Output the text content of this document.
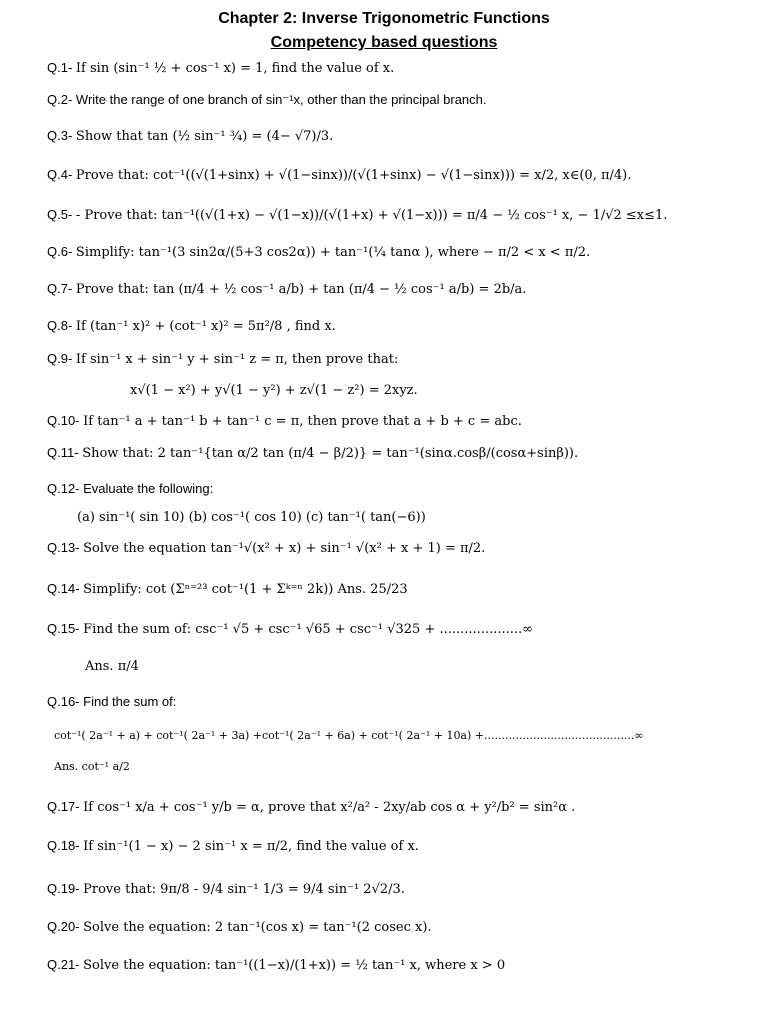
Chapter 2: Inverse Trigonometric Functions
Competency based questions
Q.1- If sin (sin⁻¹ ½ + cos⁻¹ x) = 1, find the value of x.
Q.2- Write the range of one branch of sin⁻¹x, other than the principal branch.
Q.3- Show that tan (½ sin⁻¹ ¾) = (4− √7)/3.
Q.4- Prove that: cot⁻¹((√(1+sinx) + √(1−sinx))/(√(1+sinx) − √(1−sinx))) = x/2, x∈(0, π/4).
Q.5- - Prove that: tan⁻¹((√(1+x) − √(1−x))/(√(1+x) + √(1−x))) = π/4 − ½ cos⁻¹ x, − 1/√2 ≤x≤1.
Q.6- Simplify: tan⁻¹(3 sin2α/(5+3 cos2α)) + tan⁻¹(¼ tanα ), where − π/2 < x < π/2.
Q.7- Prove that: tan (π/4 + ½ cos⁻¹ a/b) + tan (π/4 − ½ cos⁻¹ a/b) = 2b/a.
Q.8- If (tan⁻¹ x)² + (cot⁻¹ x)² = 5π²/8 , find x.
Q.9- If sin⁻¹ x + sin⁻¹ y + sin⁻¹ z = π, then prove that:
x√(1 − x²) + y√(1 − y²) + z√(1 − z²) = 2xyz.
Q.10- If tan⁻¹ a + tan⁻¹ b + tan⁻¹ c = π, then prove that a + b + c = abc.
Q.11- Show that: 2 tan⁻¹{tan α/2 tan (π/4 − β/2)} = tan⁻¹(sinα.cosβ/(cosα+sinβ)).
Q.12- Evaluate the following:
(a) sin⁻¹( sin 10) (b) cos⁻¹( cos 10) (c) tan⁻¹( tan(−6))
Q.13- Solve the equation tan⁻¹√(x² + x) + sin⁻¹ √(x² + x + 1) = π/2.
Q.14- Simplify: cot (Σⁿ⁼²³ cot⁻¹(1 + Σᵏ⁼ⁿ 2k)) Ans. 25/23
Q.15- Find the sum of: csc⁻¹ √5 + csc⁻¹ √65 + csc⁻¹ √325 + ....................∞
Ans. π/4
Q.16- Find the sum of:
cot⁻¹( 2a⁻¹ + a) + cot⁻¹( 2a⁻¹ + 3a) +cot⁻¹( 2a⁻¹ + 6a) + cot⁻¹( 2a⁻¹ + 10a) +...........................................∞
Ans. cot⁻¹ a/2
Q.17- If cos⁻¹ x/a + cos⁻¹ y/b = α, prove that x²/a² - 2xy/ab cos α + y²/b² = sin²α .
Q.18- If sin⁻¹(1 − x) − 2 sin⁻¹ x = π/2, find the value of x.
Q.19- Prove that: 9π/8 - 9/4 sin⁻¹ 1/3 = 9/4 sin⁻¹ 2√2/3.
Q.20- Solve the equation: 2 tan⁻¹(cos x) = tan⁻¹(2 cosec x).
Q.21- Solve the equation: tan⁻¹((1−x)/(1+x)) = ½ tan⁻¹ x, where x > 0
